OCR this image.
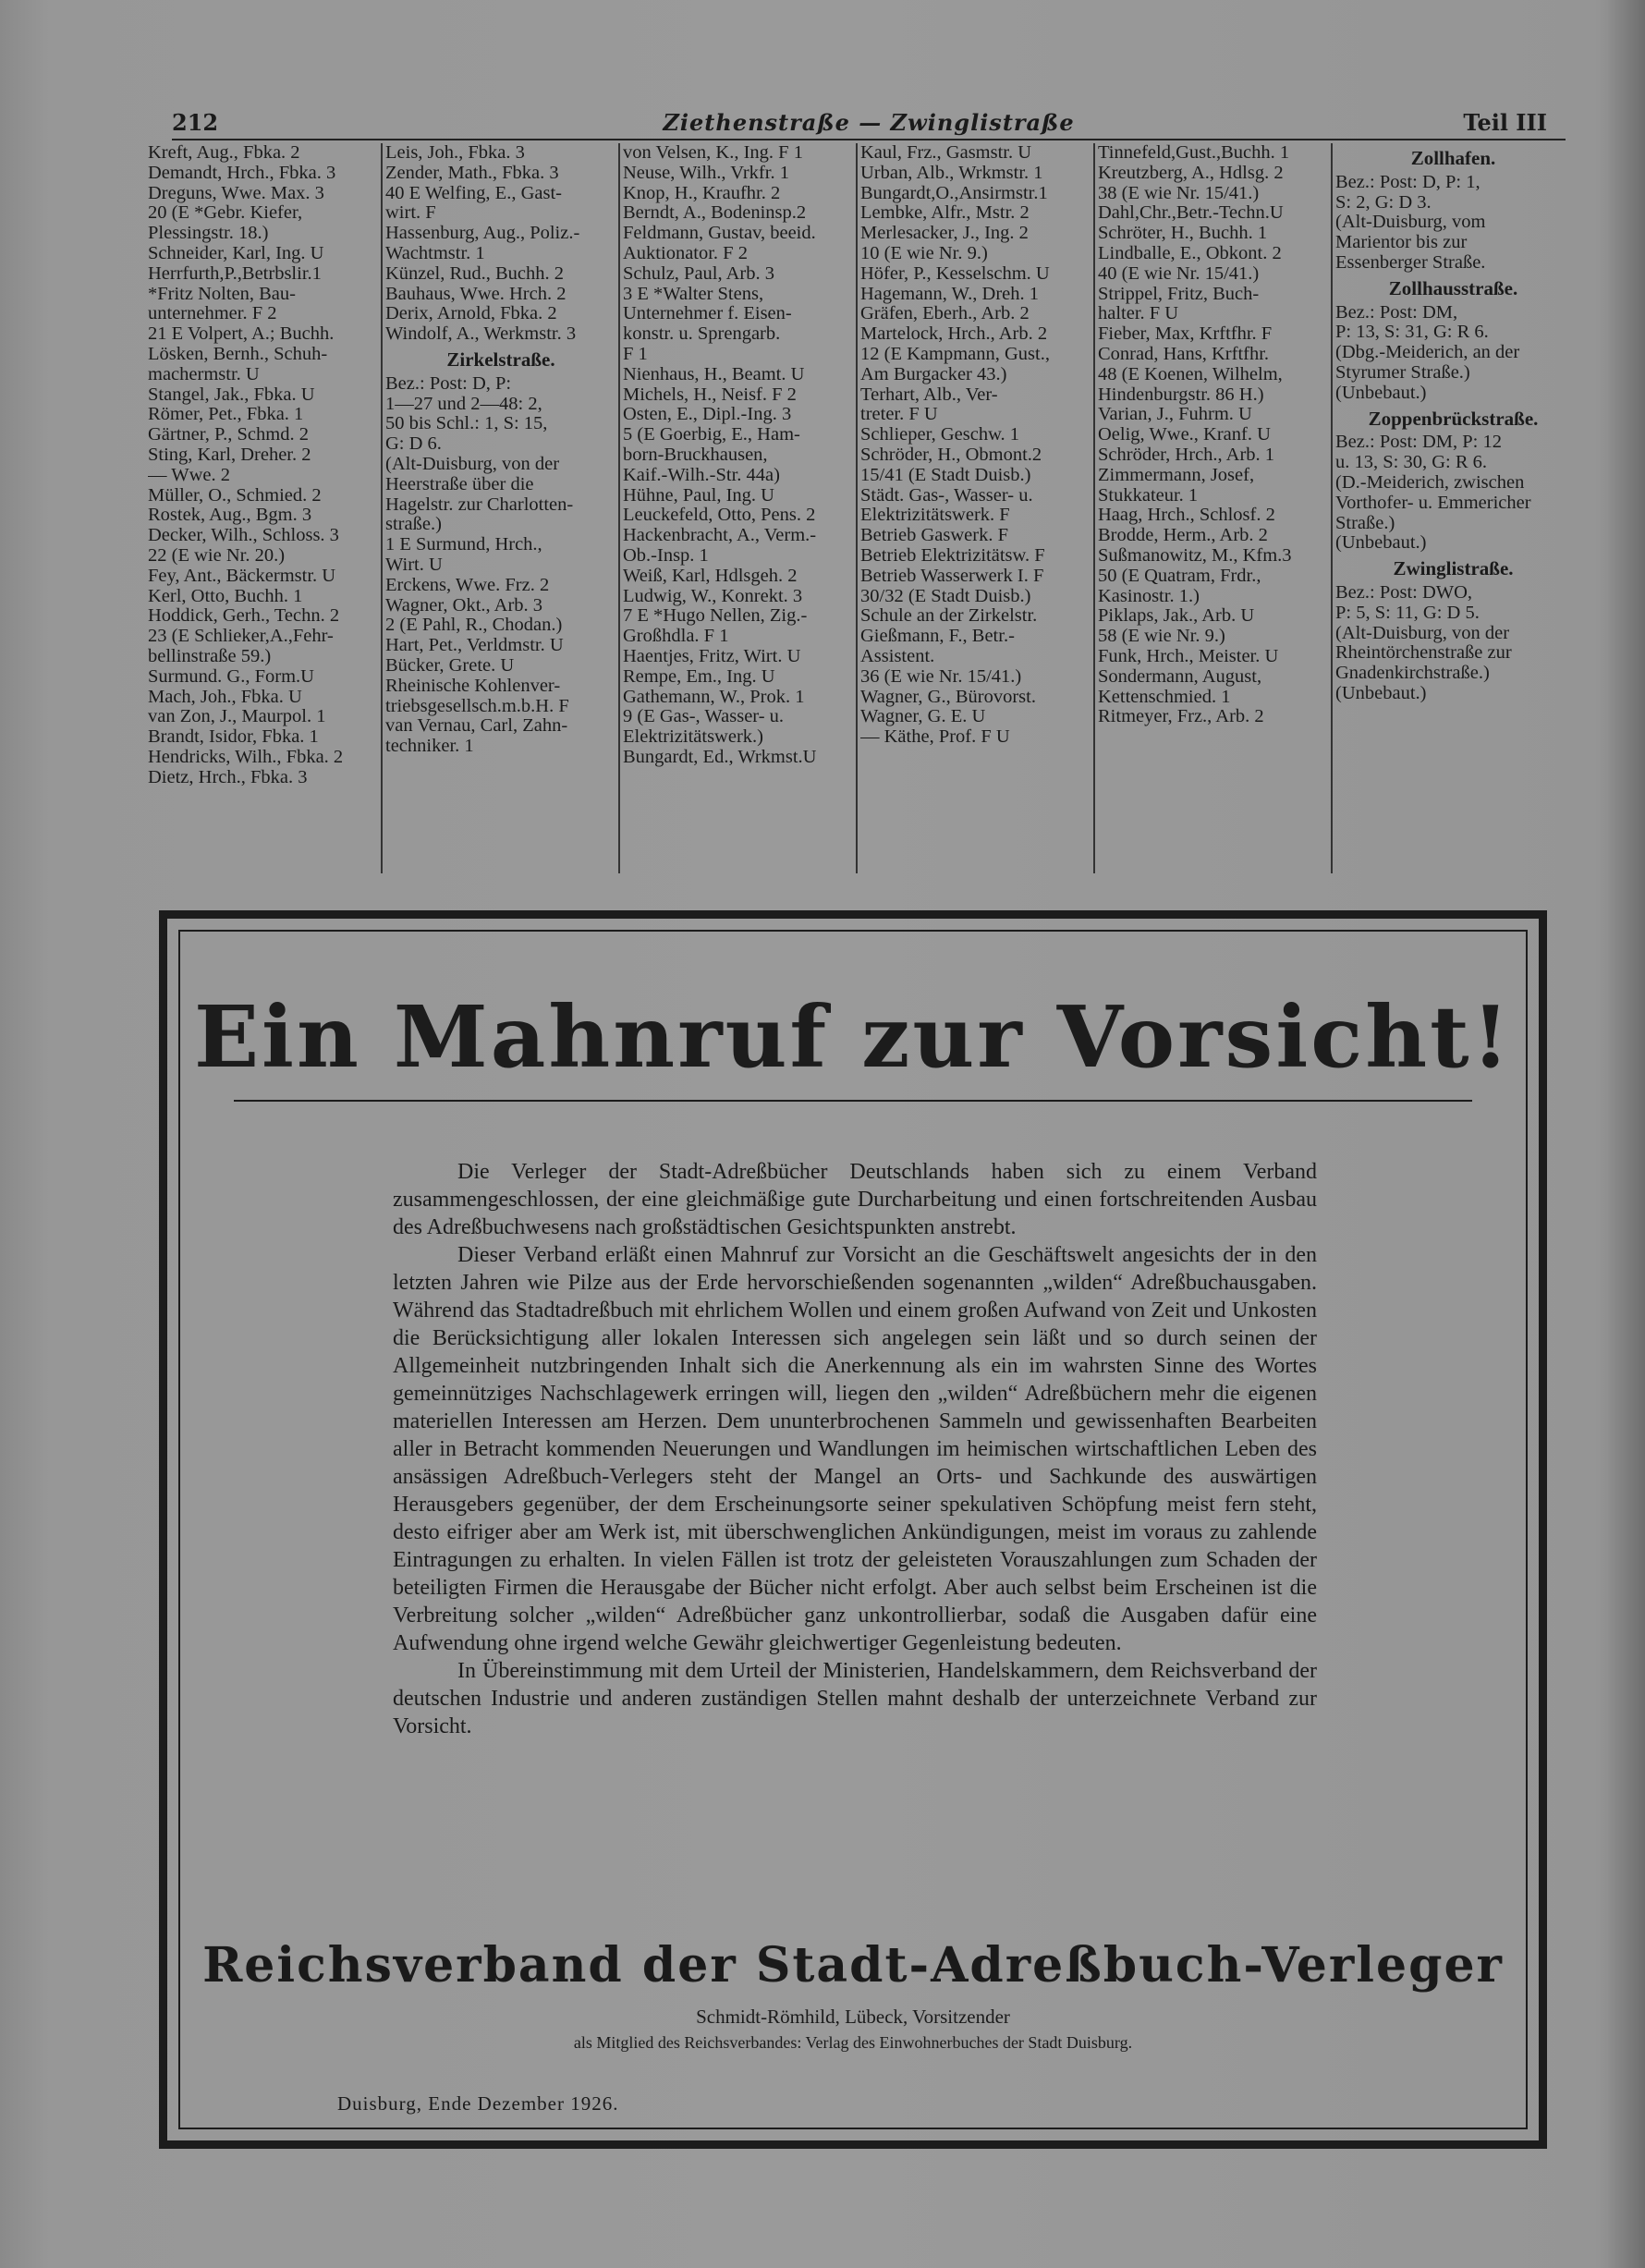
212	Ziethenstraße — Zwinglistraße	Teil III
Kreft, Aug., Fbka. 2
Demandt, Hrch., Fbka. 3
Dreguns, Wwe. Max. 3
20 (E *Gebr. Kiefer,
Plessingstr. 18.)
Schneider, Karl, Ing. U
Herrfurth,P.,Betrbslir.1
*Fritz Nolten, Bau-
unternehmer. F 2
21 E Volpert, A.; Buchh.
Lösken, Bernh., Schuh-
machermstr. U
Stangel, Jak., Fbka. U
Römer, Pet., Fbka. 1
Gärtner, P., Schmd. 2
Sting, Karl, Dreher. 2
— Wwe. 2
Müller, O., Schmied. 2
Rostek, Aug., Bgm. 3
Decker, Wilh., Schloss. 3
22 (E wie Nr. 20.)
Fey, Ant., Bäckermstr. U
Kerl, Otto, Buchh. 1
Hoddick, Gerh., Techn. 2
23 (E Schlieker,A.,Fehr-
bellinstraße 59.)
Surmund. G., Form.U
Mach, Joh., Fbka. U
van Zon, J., Maurpol. 1
Brandt, Isidor, Fbka. 1
Hendricks, Wilh., Fbka. 2
Dietz, Hrch., Fbka. 3
Leis, Joh., Fbka. 3
Zender, Math., Fbka. 3
40 E Welfing, E., Gast-
wirt. F
Hassenburg, Aug., Poliz.-
Wachtmstr. 1
Künzel, Rud., Buchh. 2
Bauhaus, Wwe. Hrch. 2
Derix, Arnold, Fbka. 2
Windolf, A., Werkmstr. 3
Zirkelstraße.
Bez.: Post: D, P:
1—27 und 2—48: 2,
50 bis Schl.: 1, S: 15,
G: D 6.
(Alt-Duisburg, von der
Heerstraße über die
Hagelstr. zur Charlotten-
straße.)
1 E Surmund, Hrch.,
Wirt. U
Erckens, Wwe. Frz. 2
Wagner, Okt., Arb. 3
2 (E Pahl, R., Chodan.)
Hart, Pet., Verldmstr. U
Bücker, Grete. U
Rheinische Kohlenver-
triebsgesellsch.m.b.H. F
van Vernau, Carl, Zahn-
techniker. 1
von Velsen, K., Ing. F 1
Neuse, Wilh., Vrkfr. 1
Knop, H., Kraufhr. 2
Berndt, A., Bodeninsp.2
Feldmann, Gustav, beeid.
Auktionator. F 2
Schulz, Paul, Arb. 3
3 E *Walter Stens,
Unternehmer f. Eisen-
konstr. u. Sprengarb.
F 1
Nienhaus, H., Beamt. U
Michels, H., Neisf. F 2
Osten, E., Dipl.-Ing. 3
5 (E Goerbig, E., Ham-
born-Bruckhausen,
Kaif.-Wilh.-Str. 44a)
Hühne, Paul, Ing. U
Leuckefeld, Otto, Pens. 2
Hackenbracht, A., Verm.-
Ob.-Insp. 1
Weiß, Karl, Hdlsgeh. 2
Ludwig, W., Konrekt. 3
7 E *Hugo Nellen, Zig.-
Großhdla. F 1
Haentjes, Fritz, Wirt. U
Rempe, Em., Ing. U
Gathemann, W., Prok. 1
9 (E Gas-, Wasser- u.
Elektrizitätswerk.)
Bungardt, Ed., Wrkmst.U
Kaul, Frz., Gasmstr. U
Urban, Alb., Wrkmstr. 1
Bungardt,O.,Ansirmstr.1
Lembke, Alfr., Mstr. 2
Merlesacker, J., Ing. 2
10 (E wie Nr. 9.)
Höfer, P., Kesselschm. U
Hagemann, W., Dreh. 1
Gräfen, Eberh., Arb. 2
Martelock, Hrch., Arb. 2
12 (E Kampmann, Gust.,
Am Burgacker 43.)
Terhart, Alb., Ver-
treter. F U
Schlieper, Geschw. 1
Schröder, H., Obmont.2
15/41 (E Stadt Duisb.)
Städt. Gas-, Wasser- u.
Elektrizitätswerk. F
Betrieb Gaswerk. F
Betrieb Elektrizitätsw. F
Betrieb Wasserwerk I. F
30/32 (E Stadt Duisb.)
Schule an der Zirkelstr.
Gießmann, F., Betr.-
Assistent.
36 (E wie Nr. 15/41.)
Wagner, G., Bürovorst.
Wagner, G. E. U
— Käthe, Prof. F U
Tinnefeld,Gust.,Buchh. 1
Kreutzberg, A., Hdlsg. 2
38 (E wie Nr. 15/41.)
Dahl,Chr.,Betr.-Techn.U
Schröter, H., Buchh. 1
Lindballe, E., Obkont. 2
40 (E wie Nr. 15/41.)
Strippel, Fritz, Buch-
halter. F U
Fieber, Max, Krftfhr. F
Conrad, Hans, Krftfhr.
48 (E Koenen, Wilhelm,
Hindenburgstr. 86 H.)
Varian, J., Fuhrm. U
Oelig, Wwe., Kranf. U
Schröder, Hrch., Arb. 1
Zimmermann, Josef,
Stukkateur. 1
Haag, Hrch., Schlosf. 2
Brodde, Herm., Arb. 2
Sußmanowitz, M., Kfm.3
50 (E Quatram, Frdr.,
Kasinostr. 1.)
Piklaps, Jak., Arb. U
58 (E wie Nr. 9.)
Funk, Hrch., Meister. U
Sondermann, August,
Kettenschmied. 1
Ritmeyer, Frz., Arb. 2
Zollhafen.
Bez.: Post: D, P: 1,
S: 2, G: D 3.
(Alt-Duisburg, vom
Marientor bis zur
Essenberger Straße.
Zollhausstraße.
Bez.: Post: DM,
P: 13, S: 31, G: R 6.
(Dbg.-Meiderich, an der
Styrumer Straße.)
(Unbebaut.)
Zoppenbrückstraße.
Bez.: Post: DM, P: 12
u. 13, S: 30, G: R 6.
(D.-Meiderich, zwischen
Vorthofer- u. Emmericher
Straße.)
(Unbebaut.)
Zwinglistraße.
Bez.: Post: DWO,
P: 5, S: 11, G: D 5.
(Alt-Duisburg, von der
Rheintörchenstraße zur
Gnadenkirchstraße.)
(Unbebaut.)
Ein Mahnruf zur Vorsicht!

Die Verleger der Stadt-Adreßbücher Deutschlands haben sich zu einem Verband zusammengeschlossen, der eine gleichmäßige gute Durcharbeitung und einen fortschreitenden Ausbau des Adreßbuchwesens nach großstädtischen Gesichtspunkten anstrebt.

Dieser Verband erläßt einen Mahnruf zur Vorsicht an die Geschäftswelt angesichts der in den letzten Jahren wie Pilze aus der Erde hervorschießenden sogenannten „wilden“ Adreßbuchausgaben. Während das Stadtadreßbuch mit ehrlichem Wollen und einem großen Aufwand von Zeit und Unkosten die Berücksichtigung aller lokalen Interessen sich angelegen sein läßt und so durch seinen der Allgemeinheit nutzbringenden Inhalt sich die Anerkennung als ein im wahrsten Sinne des Wortes gemeinnütziges Nachschlagewerk erringen will, liegen den „wilden“ Adreßbüchern mehr die eigenen materiellen Interessen am Herzen. Dem ununterbrochenen Sammeln und gewissenhaften Bearbeiten aller in Betracht kommenden Neuerungen und Wandlungen im heimischen wirtschaftlichen Leben des ansässigen Adreßbuch-Verlegers steht der Mangel an Orts- und Sachkunde des auswärtigen Herausgebers gegenüber, der dem Erscheinungsorte seiner spekulativen Schöpfung meist fern steht, desto eifriger aber am Werk ist, mit überschwenglichen Ankündigungen, meist im voraus zu zahlende Eintragungen zu erhalten. In vielen Fällen ist trotz der geleisteten Vorauszahlungen zum Schaden der beteiligten Firmen die Herausgabe der Bücher nicht erfolgt. Aber auch selbst beim Erscheinen ist die Verbreitung solcher „wilden“ Adreßbücher ganz unkontrollierbar, sodaß die Ausgaben dafür eine Aufwendung ohne irgend welche Gewähr gleichwertiger Gegenleistung bedeuten.

In Übereinstimmung mit dem Urteil der Ministerien, Handelskammern, dem Reichsverband der deutschen Industrie und anderen zuständigen Stellen mahnt deshalb der unterzeichnete Verband zur Vorsicht.

Reichsverband der Stadt-Adreßbuch-Verleger
Schmidt-Römhild, Lübeck, Vorsitzender
als Mitglied des Reichsverbandes: Verlag des Einwohnerbuches der Stadt Duisburg.
Duisburg, Ende Dezember 1926.
